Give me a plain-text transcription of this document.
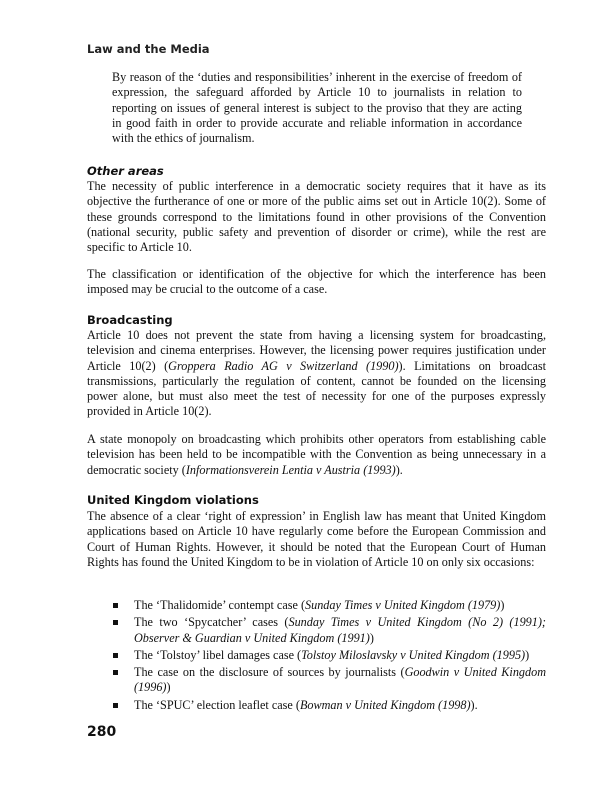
Law and the Media

By reason of the ‘duties and responsibilities’ inherent in the exercise of freedom of expression, the safeguard afforded by Article 10 to journalists in relation to reporting on issues of general interest is subject to the proviso that they are acting in good faith in order to provide accurate and reliable information in accordance with the ethics of journalism.

Other areas

The necessity of public interference in a democratic society requires that it have as its objective the furtherance of one or more of the public aims set out in Article 10(2). Some of these grounds correspond to the limitations found in other provisions of the Convention (national security, public safety and prevention of disorder or crime), while the rest are specific to Article 10.

The classification or identification of the objective for which the interference has been imposed may be crucial to the outcome of a case.

Broadcasting

Article 10 does not prevent the state from having a licensing system for broadcasting, television and cinema enterprises. However, the licensing power requires justification under Article 10(2) (Groppera Radio AG v Switzerland (1990)). Limitations on broadcast transmissions, particularly the regulation of content, cannot be founded on the licensing power alone, but must also meet the test of necessity for one of the purposes expressly provided in Article 10(2).

A state monopoly on broadcasting which prohibits other operators from establishing cable television has been held to be incompatible with the Convention as being unnecessary in a democratic society (Informationsverein Lentia v Austria (1993)).

United Kingdom violations

The absence of a clear ‘right of expression’ in English law has meant that United Kingdom applications based on Article 10 have regularly come before the European Commission and Court of Human Rights. However, it should be noted that the European Court of Human Rights has found the United Kingdom to be in violation of Article 10 on only six occasions:

The ‘Thalidomide’ contempt case (Sunday Times v United Kingdom (1979))
The two ‘Spycatcher’ cases (Sunday Times v United Kingdom (No 2) (1991); Observer & Guardian v United Kingdom (1991))
The ‘Tolstoy’ libel damages case (Tolstoy Miloslavsky v United Kingdom (1995))
The case on the disclosure of sources by journalists (Goodwin v United Kingdom (1996))
The ‘SPUC’ election leaflet case (Bowman v United Kingdom (1998)).
280
